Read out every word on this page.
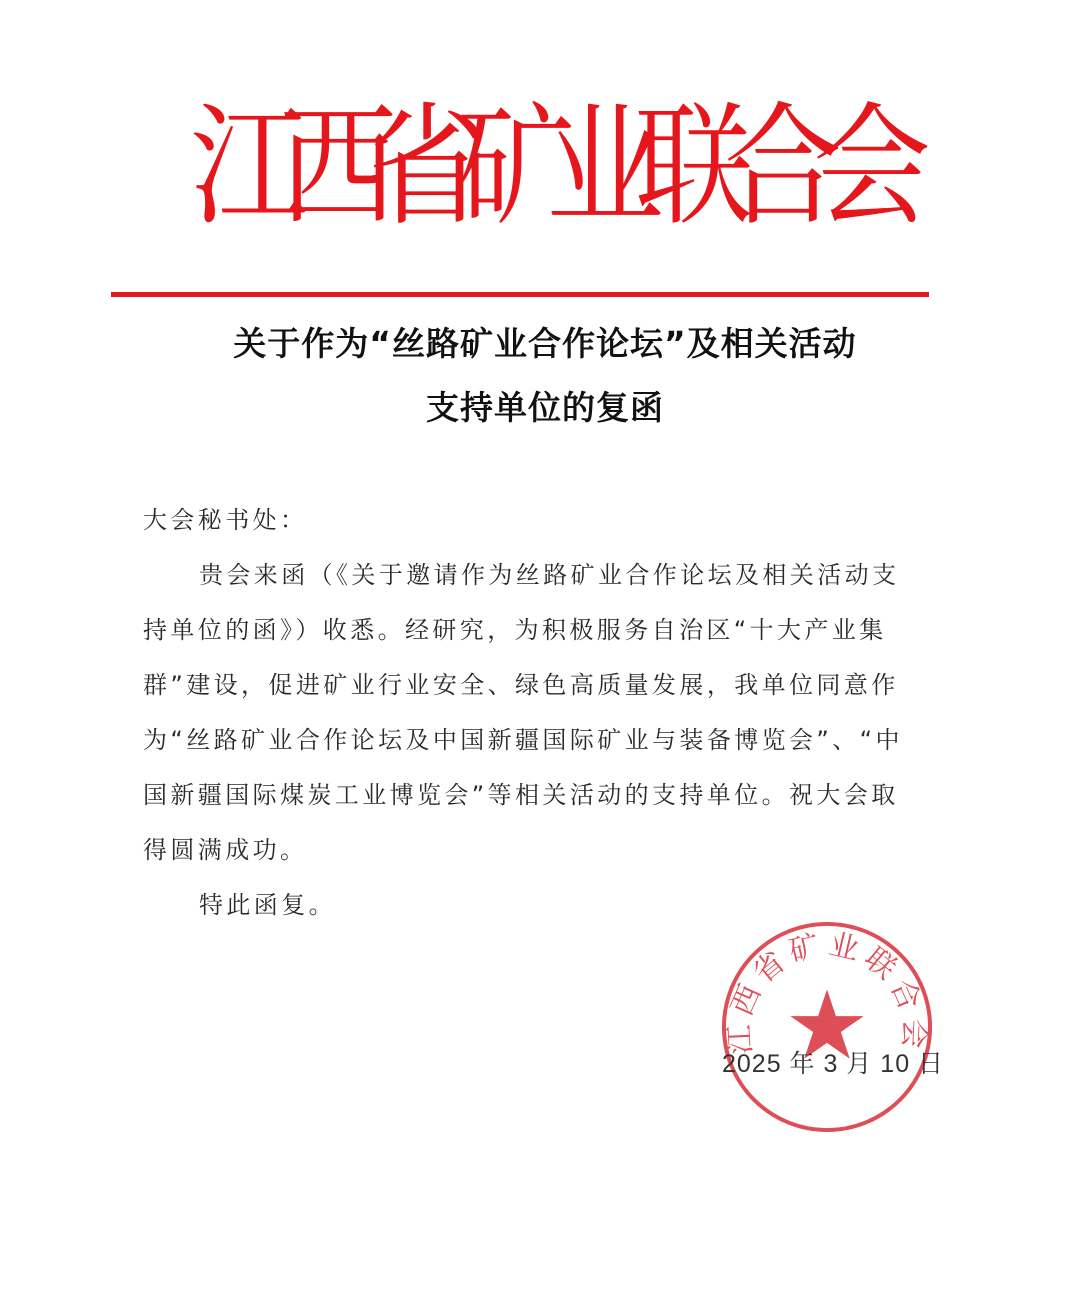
江
西
省
矿
业
联
合
会
关于作为“丝路矿业合作论坛”及相关活动
支持单位的复函
大会秘书处：
贵会来函（《关于邀请作为丝路矿业合作论坛及相关活动支
持单位的函》）收悉。经研究，为积极服务自治区“十大产业集
群”建设，促进矿业行业安全、绿色高质量发展，我单位同意作
为“丝路矿业合作论坛及中国新疆国际矿业与装备博览会”、“中
国新疆国际煤炭工业博览会”等相关活动的支持单位。祝大会取
得圆满成功。
特此函复。
江西省矿业联合会
2025 年 3 月 10 日
